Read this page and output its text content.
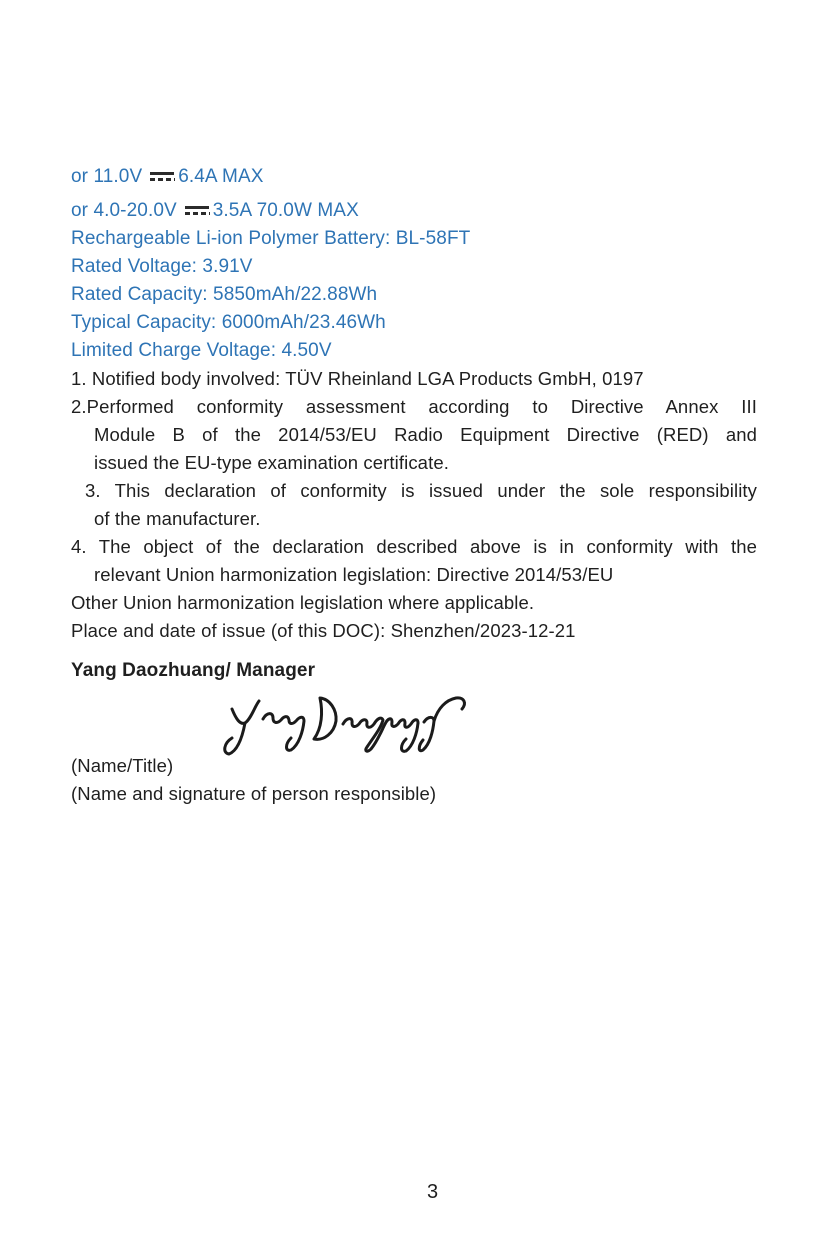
or 11.0V 6.4A MAX
or 4.0-20.0V 3.5A 70.0W MAX
Rechargeable Li-ion Polymer Battery: BL-58FT
Rated Voltage: 3.91V
Rated Capacity: 5850mAh/22.88Wh
Typical Capacity: 6000mAh/23.46Wh
Limited Charge Voltage: 4.50V
1. Notified body involved: TÜV Rheinland LGA Products GmbH, 0197
2.Performed conformity assessment according to Directive Annex III
Module B of the 2014/53/EU Radio Equipment Directive (RED) and
issued the EU-type examination certificate.
3. This declaration of conformity is issued under the sole responsibility
of the manufacturer.
4. The object of the declaration described above is in conformity with the
relevant Union harmonization legislation: Directive 2014/53/EU
Other Union harmonization legislation where applicable.
Place and date of issue (of this DOC): Shenzhen/2023-12-21
Yang Daozhuang/ Manager
(Name/Title)
(Name and signature of person responsible)
3
